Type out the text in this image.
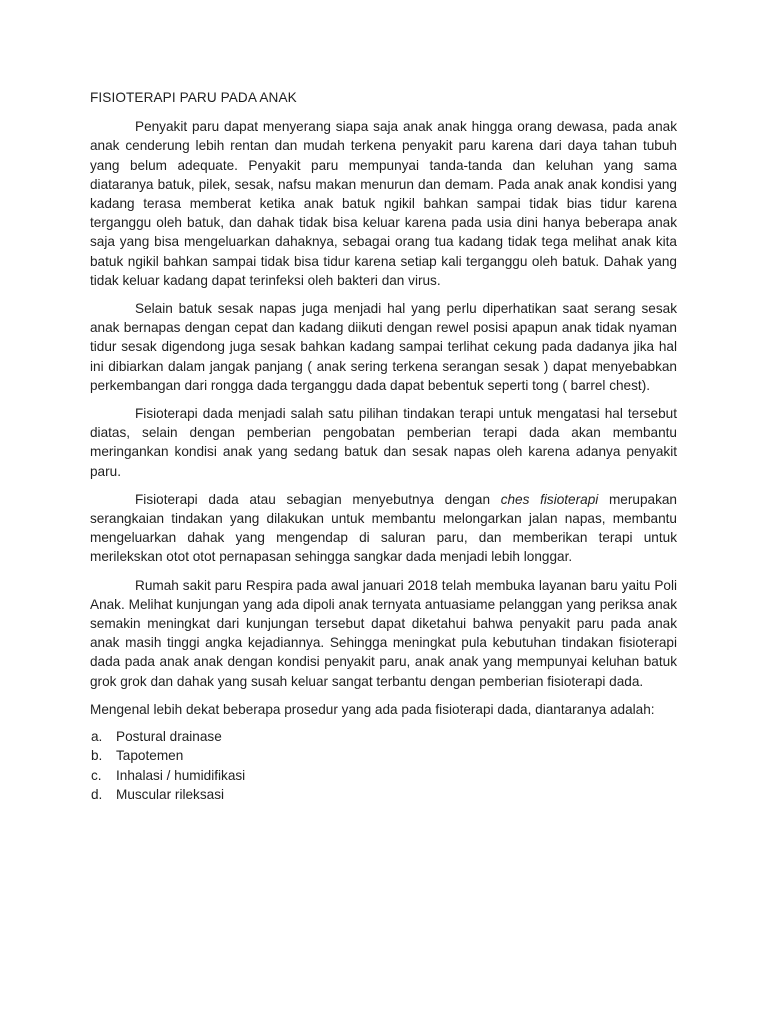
FISIOTERAPI PARU PADA ANAK

Penyakit paru dapat menyerang siapa saja anak anak hingga orang dewasa, pada anak anak cenderung lebih rentan dan mudah terkena penyakit paru karena dari daya tahan tubuh yang belum adequate. Penyakit paru mempunyai tanda-tanda dan keluhan yang sama diataranya batuk, pilek, sesak, nafsu makan menurun dan demam. Pada anak anak kondisi yang kadang terasa memberat ketika anak batuk ngikil bahkan sampai tidak bias tidur karena terganggu oleh batuk, dan dahak tidak bisa keluar karena pada usia dini hanya beberapa anak saja yang bisa mengeluarkan dahaknya, sebagai orang tua kadang tidak tega melihat anak kita batuk ngikil bahkan sampai tidak bisa tidur karena setiap kali terganggu oleh batuk. Dahak yang tidak keluar kadang dapat terinfeksi oleh bakteri dan virus.

Selain batuk sesak napas juga menjadi hal yang perlu diperhatikan saat serang sesak anak bernapas dengan cepat dan kadang diikuti dengan rewel posisi apapun anak tidak nyaman tidur sesak digendong juga sesak bahkan kadang sampai terlihat cekung pada dadanya jika hal ini dibiarkan dalam jangak panjang ( anak sering terkena serangan sesak ) dapat menyebabkan perkembangan dari rongga dada terganggu dada dapat bebentuk seperti tong ( barrel chest).

Fisioterapi dada menjadi salah satu pilihan tindakan terapi untuk mengatasi hal tersebut diatas, selain dengan pemberian pengobatan pemberian terapi dada akan membantu meringankan kondisi anak yang sedang batuk dan sesak napas oleh karena adanya penyakit paru.

Fisioterapi dada atau sebagian menyebutnya dengan ches fisioterapi merupakan serangkaian tindakan yang dilakukan untuk membantu melongarkan jalan napas, membantu mengeluarkan dahak yang mengendap di saluran paru, dan memberikan terapi untuk merilekskan otot otot pernapasan sehingga sangkar dada menjadi lebih longgar.

Rumah sakit paru Respira pada awal januari 2018 telah membuka layanan baru yaitu Poli Anak. Melihat kunjungan yang ada dipoli anak ternyata antuasiame pelanggan yang periksa anak semakin meningkat dari kunjungan tersebut dapat diketahui bahwa penyakit paru pada anak anak masih tinggi angka kejadiannya. Sehingga meningkat pula kebutuhan tindakan fisioterapi dada pada anak anak dengan kondisi penyakit paru, anak anak yang mempunyai keluhan batuk grok grok dan dahak yang susah keluar sangat terbantu dengan pemberian fisioterapi dada.

Mengenal lebih dekat beberapa prosedur yang ada pada fisioterapi dada, diantaranya adalah:

a.	Postural drainase
b.	Tapotemen
c.	Inhalasi / humidifikasi
d.	Muscular rileksasi
